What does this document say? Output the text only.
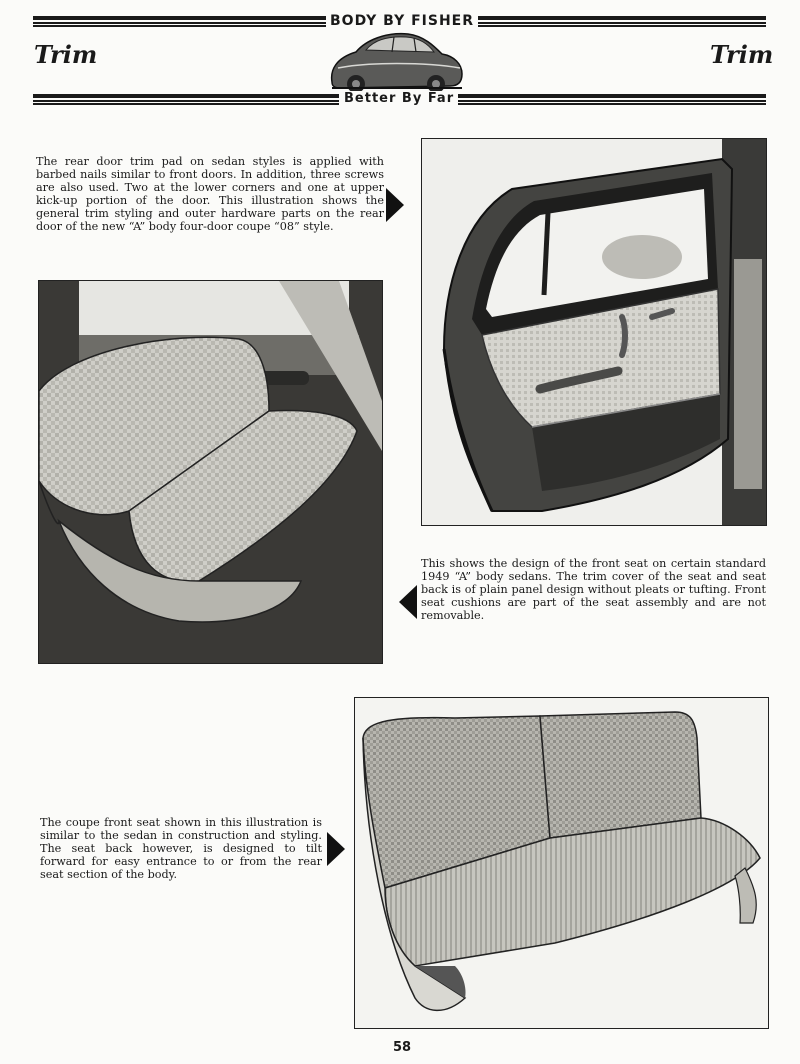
BODY BY FISHER
Trim	Trim
Better By Far
The rear door trim pad on sedan styles is applied with barbed nails similar to front doors. In addition, three screws are also used. Two at the lower corners and one at upper kick-up portion of the door. This illustration shows the general trim styling and outer hardware parts on the rear door of the new “A” body four-door coupe “08” style.
This shows the design of the front seat on certain standard 1949 “A” body sedans. The trim cover of the seat and seat back is of plain panel design without pleats or tufting. Front seat cushions are part of the seat assembly and are not removable.
The coupe front seat shown in this illustration is similar to the sedan in construction and styling. The seat back however, is designed to tilt forward for easy entrance to or from the rear seat section of the body.
58
